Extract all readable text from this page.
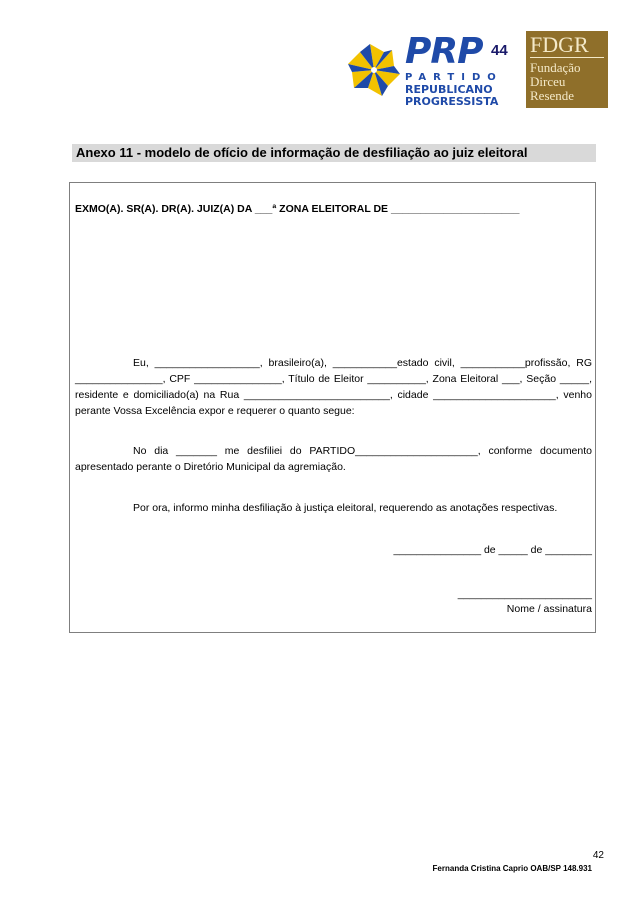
PRP 44
PARTIDO
REPUBLICANO
PROGRESSISTA
FDGR
Fundação
Dirceu
Resende
Anexo 11 - modelo de ofício de informação de desfiliação ao juiz eleitoral
EXMO(A). SR(A). DR(A). JUIZ(A) DA ___ª ZONA ELEITORAL DE ______________________
Eu, __________________, brasileiro(a), ___________estado civil, ___________profissão, RG
_______________, CPF _______________, Título de Eleitor __________, Zona Eleitoral ___, Seção _____,
residente e domiciliado(a) na Rua _________________________, cidade _____________________, venho
perante Vossa Excelência expor e requerer o quanto segue:
No dia _______ me desfiliei do PARTIDO_____________________, conforme documento
apresentado perante o Diretório Municipal da agremiação.
Por ora, informo minha desfiliação à justiça eleitoral, requerendo as anotações respectivas.
_______________ de _____ de ________
_______________________
Nome / assinatura
42
Fernanda Cristina Caprio OAB/SP 148.931
